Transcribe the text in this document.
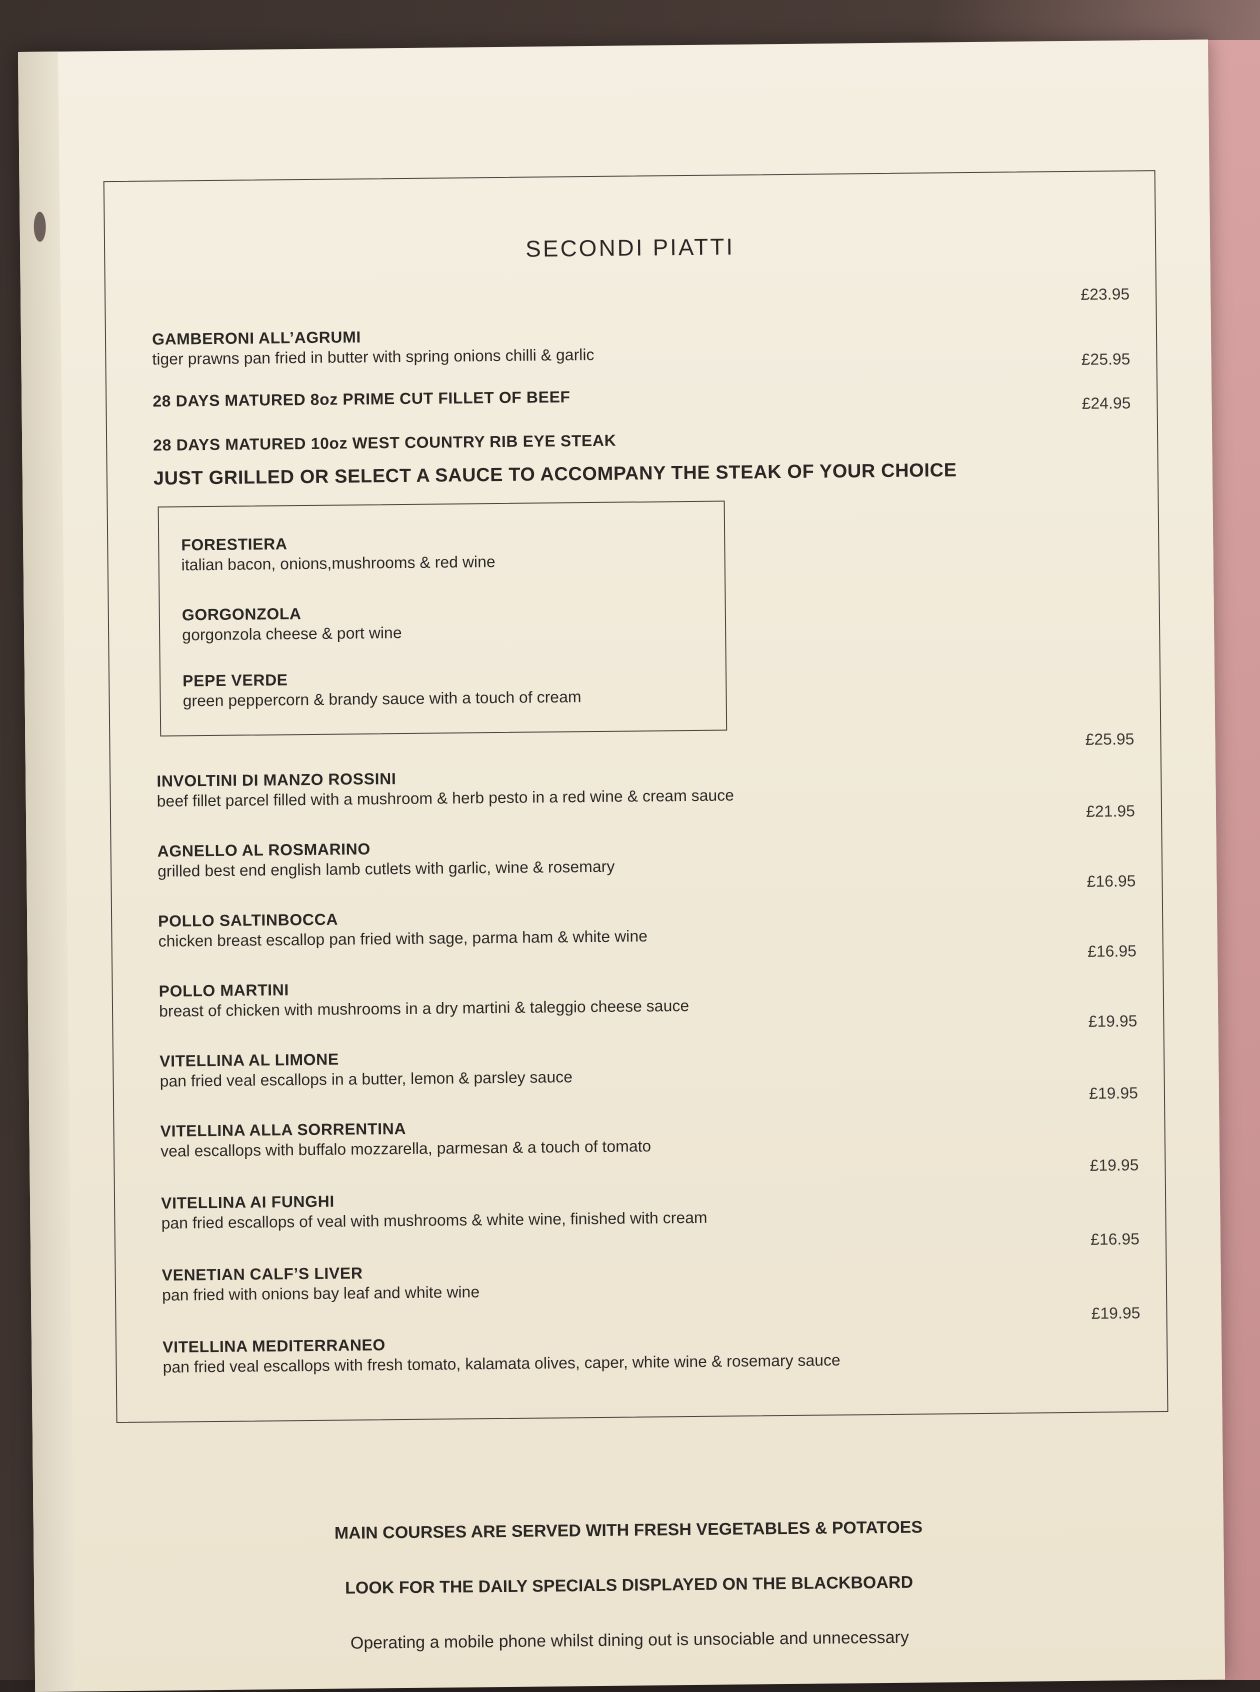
SECONDI PIATTI
GAMBERONI ALL’AGRUMI
tiger prawns pan fried in butter with spring onions chilli & garlic
£23.95
28 DAYS MATURED 8oz PRIME CUT FILLET OF BEEF
£25.95
28 DAYS MATURED 10oz WEST COUNTRY RIB EYE STEAK
£24.95
JUST GRILLED OR SELECT A SAUCE TO ACCOMPANY THE STEAK OF YOUR CHOICE
FORESTIERA
italian bacon, onions,mushrooms & red wine
GORGONZOLA
gorgonzola cheese & port wine
PEPE VERDE
green peppercorn & brandy sauce with a touch of cream
£25.95
INVOLTINI DI MANZO ROSSINI
beef fillet parcel filled with a mushroom & herb pesto in a red wine & cream sauce
£21.95
AGNELLO AL ROSMARINO
grilled best end english lamb cutlets with garlic, wine & rosemary
£16.95
POLLO SALTINBOCCA
chicken breast escallop pan fried with sage, parma ham & white wine
£16.95
POLLO MARTINI
breast of chicken with mushrooms in a dry martini & taleggio cheese sauce
£19.95
VITELLINA AL LIMONE
pan fried veal escallops in a butter, lemon & parsley sauce
£19.95
VITELLINA ALLA SORRENTINA
veal escallops with buffalo mozzarella, parmesan & a touch of tomato
£19.95
VITELLINA AI FUNGHI
pan fried escallops of veal with mushrooms & white wine, finished with cream
£16.95
VENETIAN CALF’S LIVER
pan fried with onions bay leaf and white wine
£19.95
VITELLINA MEDITERRANEO
pan fried veal escallops with fresh tomato, kalamata olives, caper, white wine & rosemary sauce
MAIN COURSES ARE SERVED WITH FRESH VEGETABLES & POTATOES
LOOK FOR THE DAILY SPECIALS DISPLAYED ON THE BLACKBOARD
Operating a mobile phone whilst dining out is unsociable and unnecessary
